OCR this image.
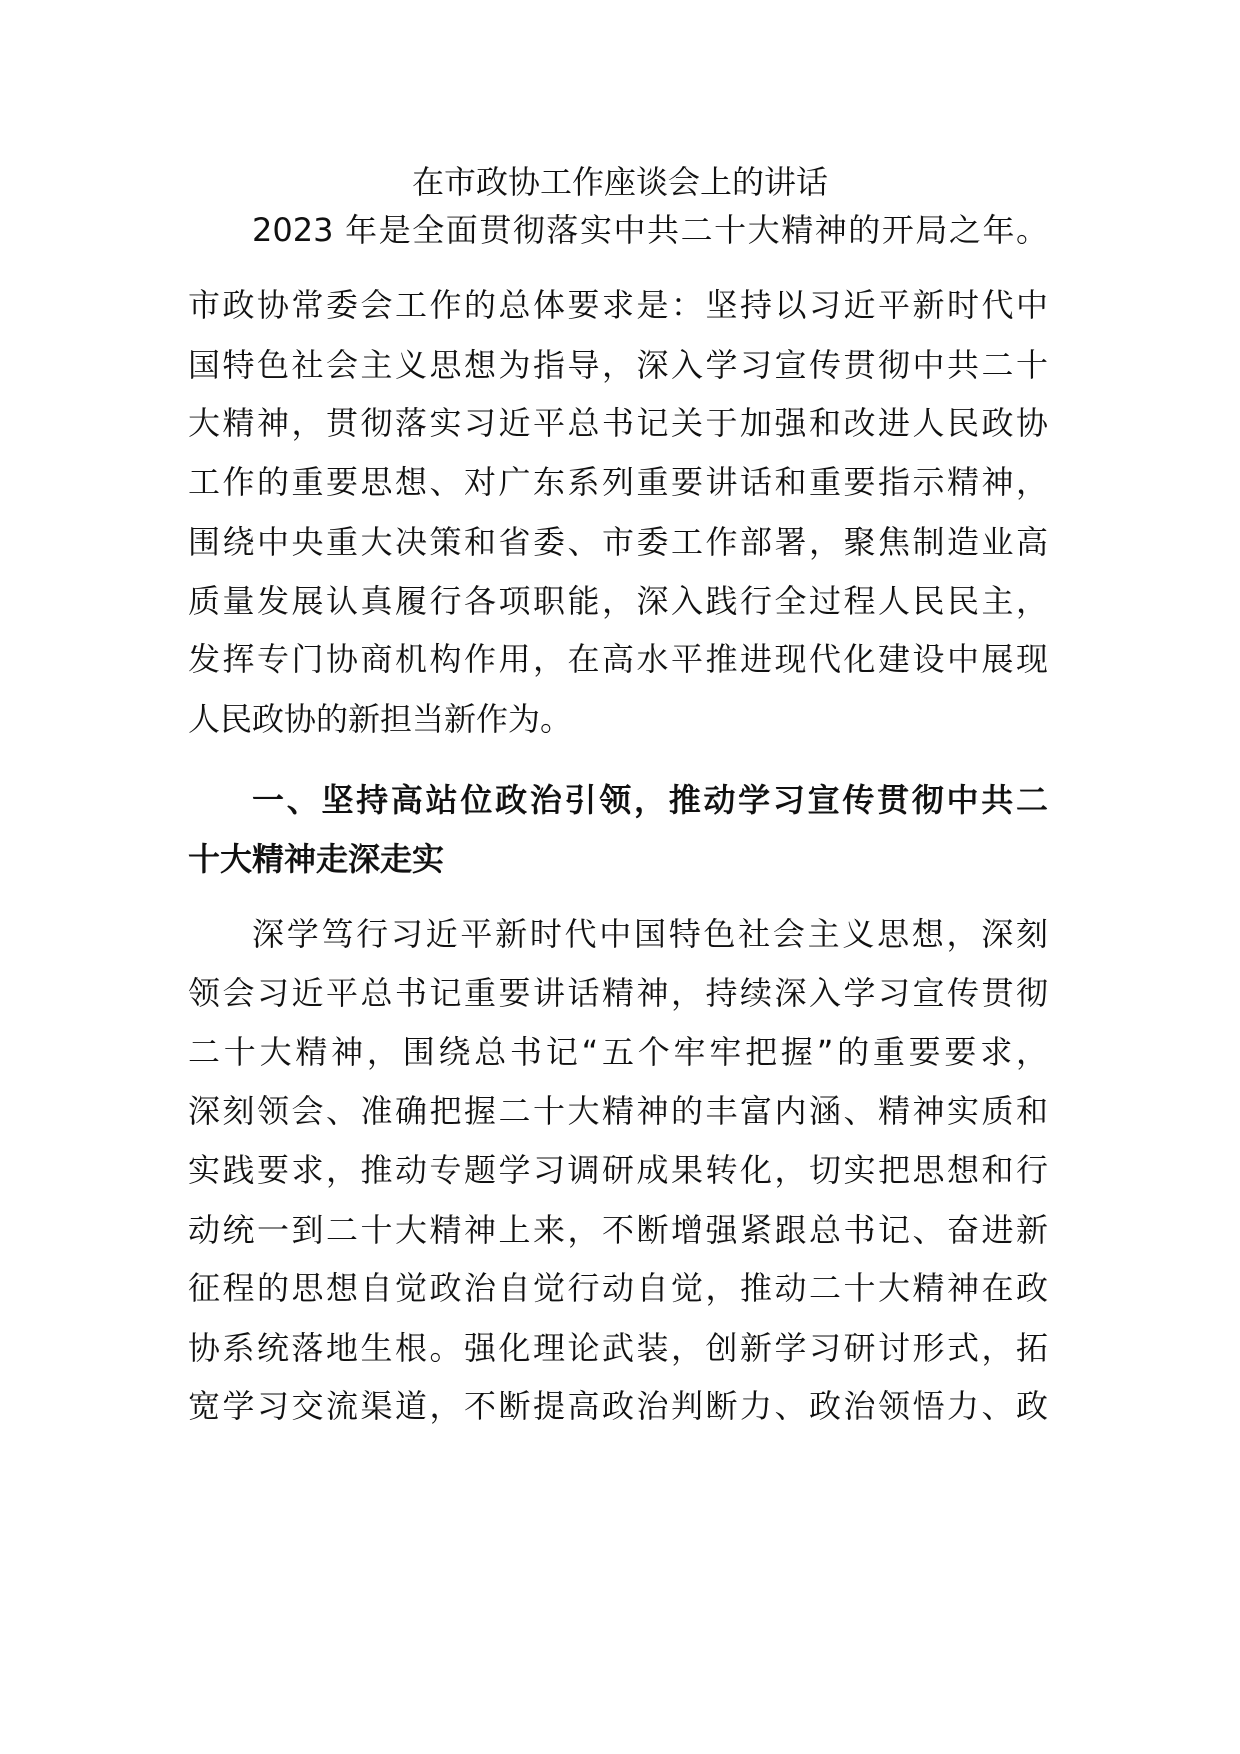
在市政协工作座谈会上的讲话
2023 年是全面贯彻落实中共二十大精神的开局之年。
市政协常委会工作的总体要求是：坚持以习近平新时代中
国特色社会主义思想为指导，深入学习宣传贯彻中共二十
大精神，贯彻落实习近平总书记关于加强和改进人民政协
工作的重要思想、对广东系列重要讲话和重要指示精神，
围绕中央重大决策和省委、市委工作部署，聚焦制造业高
质量发展认真履行各项职能，深入践行全过程人民民主，
发挥专门协商机构作用，在高水平推进现代化建设中展现
人民政协的新担当新作为。
一、坚持高站位政治引领，推动学习宣传贯彻中共二
十大精神走深走实
深学笃行习近平新时代中国特色社会主义思想，深刻
领会习近平总书记重要讲话精神，持续深入学习宣传贯彻
二十大精神，围绕总书记“五个牢牢把握”的重要要求，
深刻领会、准确把握二十大精神的丰富内涵、精神实质和
实践要求，推动专题学习调研成果转化，切实把思想和行
动统一到二十大精神上来，不断增强紧跟总书记、奋进新
征程的思想自觉政治自觉行动自觉，推动二十大精神在政
协系统落地生根。强化理论武装，创新学习研讨形式，拓
宽学习交流渠道，不断提高政治判断力、政治领悟力、政
